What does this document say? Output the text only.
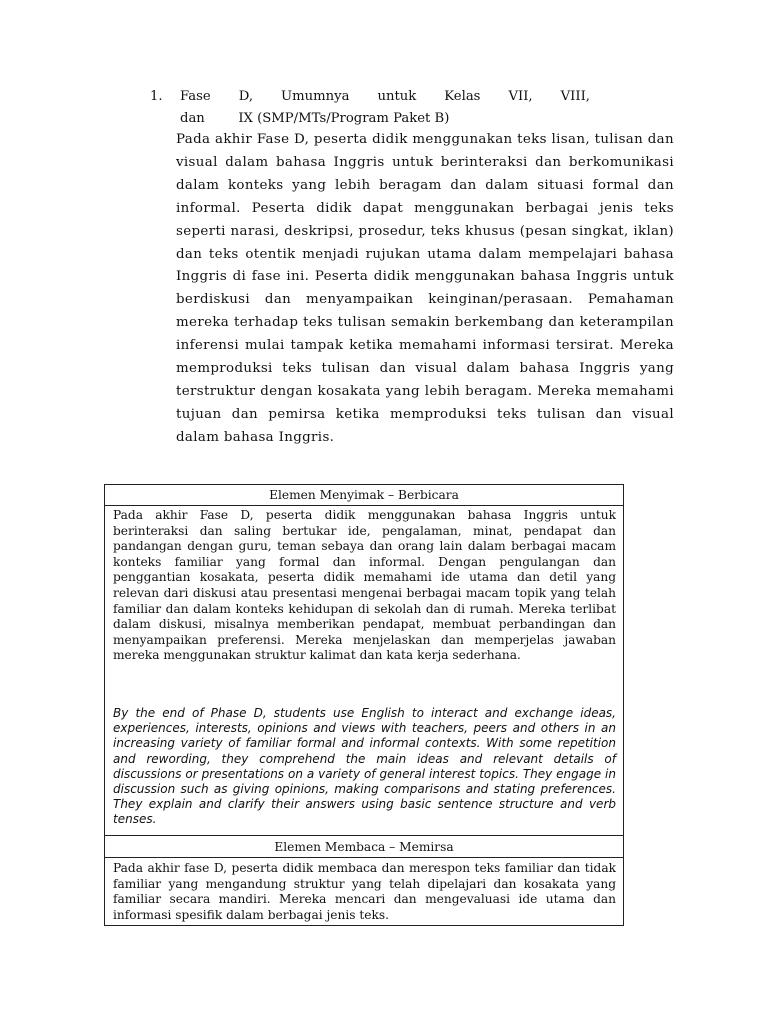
1. Fase D, Umumnya untuk Kelas VII, VIII,
dan        IX (SMP/MTs/Program Paket B)
Pada akhir Fase D, peserta didik menggunakan teks lisan, tulisan dan visual dalam bahasa Inggris untuk berinteraksi dan berkomunikasi dalam konteks yang lebih beragam dan dalam situasi formal dan informal. Peserta didik dapat menggunakan berbagai jenis teks seperti narasi, deskripsi, prosedur, teks khusus (pesan singkat, iklan) dan teks otentik menjadi rujukan utama dalam mempelajari bahasa Inggris di fase ini. Peserta didik menggunakan bahasa Inggris untuk berdiskusi dan menyampaikan keinginan/perasaan. Pemahaman mereka terhadap teks tulisan semakin berkembang dan keterampilan inferensi mulai tampak ketika memahami informasi tersirat. Mereka memproduksi teks tulisan dan visual dalam bahasa Inggris yang terstruktur dengan kosakata yang lebih beragam. Mereka memahami tujuan dan pemirsa ketika memproduksi teks tulisan dan visual dalam bahasa Inggris.
Elemen Menyimak – Berbicara
Pada akhir Fase D, peserta didik menggunakan bahasa Inggris untuk berinteraksi dan saling bertukar ide, pengalaman, minat, pendapat dan pandangan dengan guru, teman sebaya dan orang lain dalam berbagai macam konteks familiar yang formal dan informal. Dengan pengulangan dan penggantian kosakata, peserta didik memahami ide utama dan detil yang relevan dari diskusi atau presentasi mengenai berbagai macam topik yang telah familiar dan dalam konteks kehidupan di sekolah dan di rumah. Mereka terlibat dalam diskusi, misalnya memberikan pendapat, membuat perbandingan dan menyampaikan preferensi. Mereka menjelaskan dan memperjelas jawaban mereka menggunakan struktur kalimat dan kata kerja sederhana.
By the end of Phase D, students use English to interact and exchange ideas, experiences, interests, opinions and views with teachers, peers and others in an increasing variety of familiar formal and informal contexts. With some repetition and rewording, they comprehend the main ideas and relevant details of discussions or presentations on a variety of general interest topics. They engage in discussion such as giving opinions, making comparisons and stating preferences. They explain and clarify their answers using basic sentence structure and verb tenses.
Elemen Membaca – Memirsa
Pada akhir fase D, peserta didik membaca dan merespon teks familiar dan tidak familiar yang mengandung struktur yang telah dipelajari dan kosakata yang familiar secara mandiri. Mereka mencari dan mengevaluasi ide utama dan informasi spesifik dalam berbagai jenis teks.
